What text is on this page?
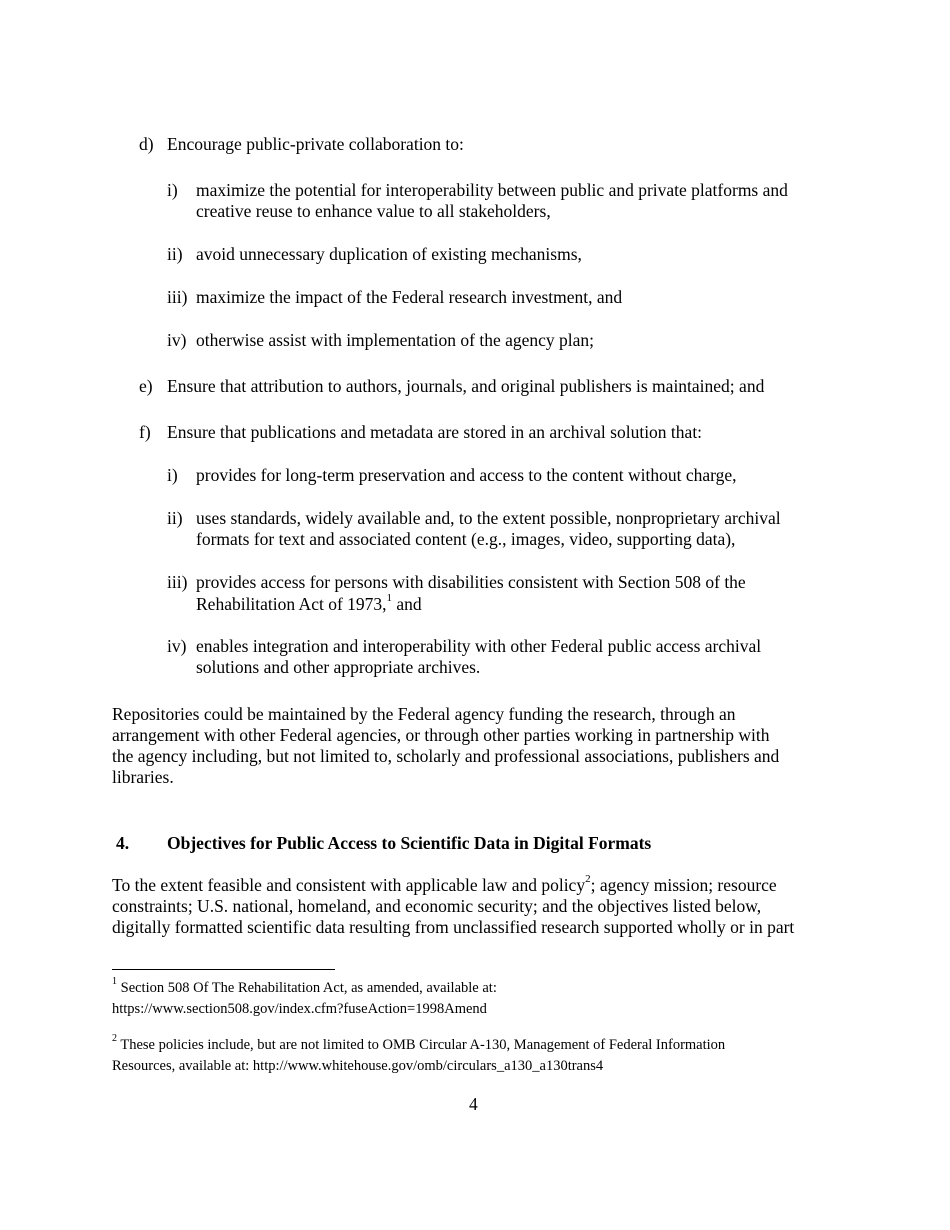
d) Encourage public-private collaboration to:
i) maximize the potential for interoperability between public and private platforms and
creative reuse to enhance value to all stakeholders,
ii) avoid unnecessary duplication of existing mechanisms,
iii) maximize the impact of the Federal research investment, and
iv) otherwise assist with implementation of the agency plan;
e) Ensure that attribution to authors, journals, and original publishers is maintained; and
f) Ensure that publications and metadata are stored in an archival solution that:
i) provides for long-term preservation and access to the content without charge,
ii) uses standards, widely available and, to the extent possible, nonproprietary archival
formats for text and associated content (e.g., images, video, supporting data),
iii) provides access for persons with disabilities consistent with Section 508 of the
Rehabilitation Act of 1973,$^1$ and
iv) enables integration and interoperability with other Federal public access archival
solutions and other appropriate archives.
Repositories could be maintained by the Federal agency funding the research, through an
arrangement with other Federal agencies, or through other parties working in partnership with
the agency including, but not limited to, scholarly and professional associations, publishers and
libraries.
4. Objectives for Public Access to Scientific Data in Digital Formats
To the extent feasible and consistent with applicable law and policy$^2$; agency mission; resource
constraints; U.S. national, homeland, and economic security; and the objectives listed below,
digitally formatted scientific data resulting from unclassified research supported wholly or in part
$^1$ Section 508 Of The Rehabilitation Act, as amended, available at:
https://www.section508.gov/index.cfm?fuseAction=1998Amend
$^2$ These policies include, but are not limited to OMB Circular A-130, Management of Federal Information
Resources, available at: http://www.whitehouse.gov/omb/circulars_a130_a130trans4
4
